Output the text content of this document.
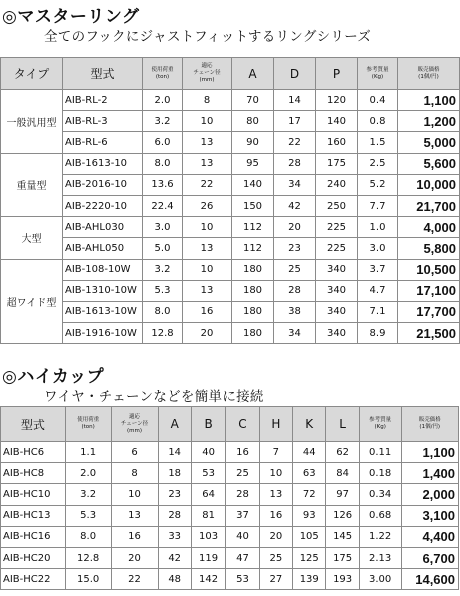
◎マスターリング
全てのフックにジャストフィットするリングシリーズ
タイプ	型式	使用荷重
(ton)	適応
チェーン径
(mm)	A	D	P	参考質量
(Kg)	販売価格
(1個/円)
一般汎用型	AIB-RL-2	2.0	8	70	14	120	0.4	1,100
	AIB-RL-3	3.2	10	80	17	140	0.8	1,200
	AIB-RL-6	6.0	13	90	22	160	1.5	5,000
重量型	AIB-1613-10	8.0	13	95	28	175	2.5	5,600
	AIB-2016-10	13.6	22	140	34	240	5.2	10,000
	AIB-2220-10	22.4	26	150	42	250	7.7	21,700
大型	AIB-AHL030	3.0	10	112	20	225	1.0	4,000
	AIB-AHL050	5.0	13	112	23	225	3.0	5,800
超ワイド型	AIB-108-10W	3.2	10	180	25	340	3.7	10,500
	AIB-1310-10W	5.3	13	180	28	340	4.7	17,100
	AIB-1613-10W	8.0	16	180	38	340	7.1	17,700
	AIB-1916-10W	12.8	20	180	34	340	8.9	21,500
◎ハイカップ
ワイヤ・チェーンなどを簡単に接続
型式	使用荷重
(ton)	適応
チェーン径
(mm)	A	B	C	H	K	L	参考質量
(Kg)	販売価格
(1個/円)
AIB-HC6	1.1	6	14	40	16	7	44	62	0.11	1,100
AIB-HC8	2.0	8	18	53	25	10	63	84	0.18	1,400
AIB-HC10	3.2	10	23	64	28	13	72	97	0.34	2,000
AIB-HC13	5.3	13	28	81	37	16	93	126	0.68	3,100
AIB-HC16	8.0	16	33	103	40	20	105	145	1.22	4,400
AIB-HC20	12.8	20	42	119	47	25	125	175	2.13	6,700
AIB-HC22	15.0	22	48	142	53	27	139	193	3.00	14,600
